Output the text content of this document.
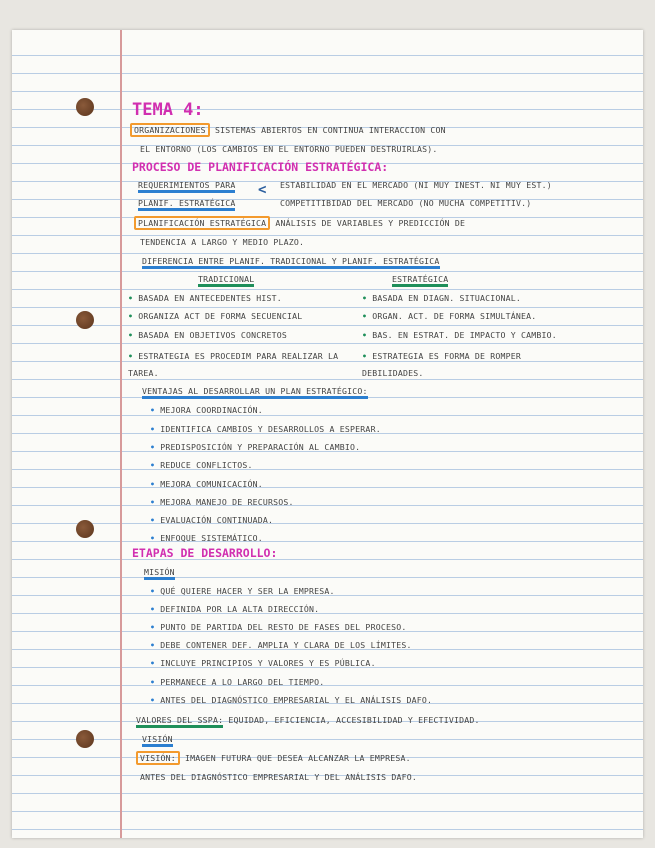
TEMA 4:
ORGANIZACIONES SISTEMAS ABIERTOS EN CONTINUA INTERACCION CON
EL ENTORNO (LOS CAMBIOS EN EL ENTORNO PUEDEN DESTRUIRLAS).
PROCESO DE PLANIFICACIÓN ESTRATÉGICA:
REQUERIMIENTOS PARA
PLANIF. ESTRATÉGICA
< ESTABILIDAD EN EL MERCADO (NI MUY INEST. NI MUY EST.)
COMPETITIBIDAD DEL MERCADO (NO MUCHA COMPETITIV.)
PLANIFICACIÓN ESTRATÉGICA ANÁLISIS DE VARIABLES Y PREDICCIÓN DE
TENDENCIA A LARGO Y MEDIO PLAZO.
DIFERENCIA ENTRE PLANIF. TRADICIONAL Y PLANIF. ESTRATÉGICA
TRADICIONAL	ESTRATÉGICA
• BASADA EN ANTECEDENTES HIST.
• ORGANIZA ACT DE FORMA SECUENCIAL
• BASADA EN OBJETIVOS CONCRETOS
• ESTRATEGIA ES PROCEDIM PARA REALIZAR LA TAREA.
• BASADA EN DIAGN. SITUACIONAL.
• ORGAN. ACT. DE FORMA SIMULTÁNEA.
• BAS. EN ESTRAT. DE IMPACTO Y CAMBIO.
• ESTRATEGIA ES FORMA DE ROMPER DEBILIDADES.
VENTAJAS AL DESARROLLAR UN PLAN ESTRATÉGICO:
• MEJORA COORDINACIÓN.
• IDENTIFICA CAMBIOS Y DESARROLLOS A ESPERAR.
• PREDISPOSICIÓN Y PREPARACIÓN AL CAMBIO.
• REDUCE CONFLICTOS.
• MEJORA COMUNICACIÓN.
• MEJORA MANEJO DE RECURSOS.
• EVALUACIÓN CONTINUADA.
• ENFOQUE SISTEMÁTICO.
ETAPAS DE DESARROLLO:
MISIÓN
• QUÉ QUIERE HACER Y SER LA EMPRESA.
• DEFINIDA POR LA ALTA DIRECCIÓN.
• PUNTO DE PARTIDA DEL RESTO DE FASES DEL PROCESO.
• DEBE CONTENER DEF. AMPLIA Y CLARA DE LOS LÍMITES.
• INCLUYE PRINCIPIOS Y VALORES Y ES PÚBLICA.
• PERMANECE A LO LARGO DEL TIEMPO.
• ANTES DEL DIAGNÓSTICO EMPRESARIAL Y EL ANÁLISIS DAFO.
VALORES DEL SSPA: EQUIDAD, EFICIENCIA, ACCESIBILIDAD Y EFECTIVIDAD.
VISIÓN
VISIÓN: IMAGEN FUTURA QUE DESEA ALCANZAR LA EMPRESA.
ANTES DEL DIAGNÓSTICO EMPRESARIAL Y DEL ANÁLISIS DAFO.
